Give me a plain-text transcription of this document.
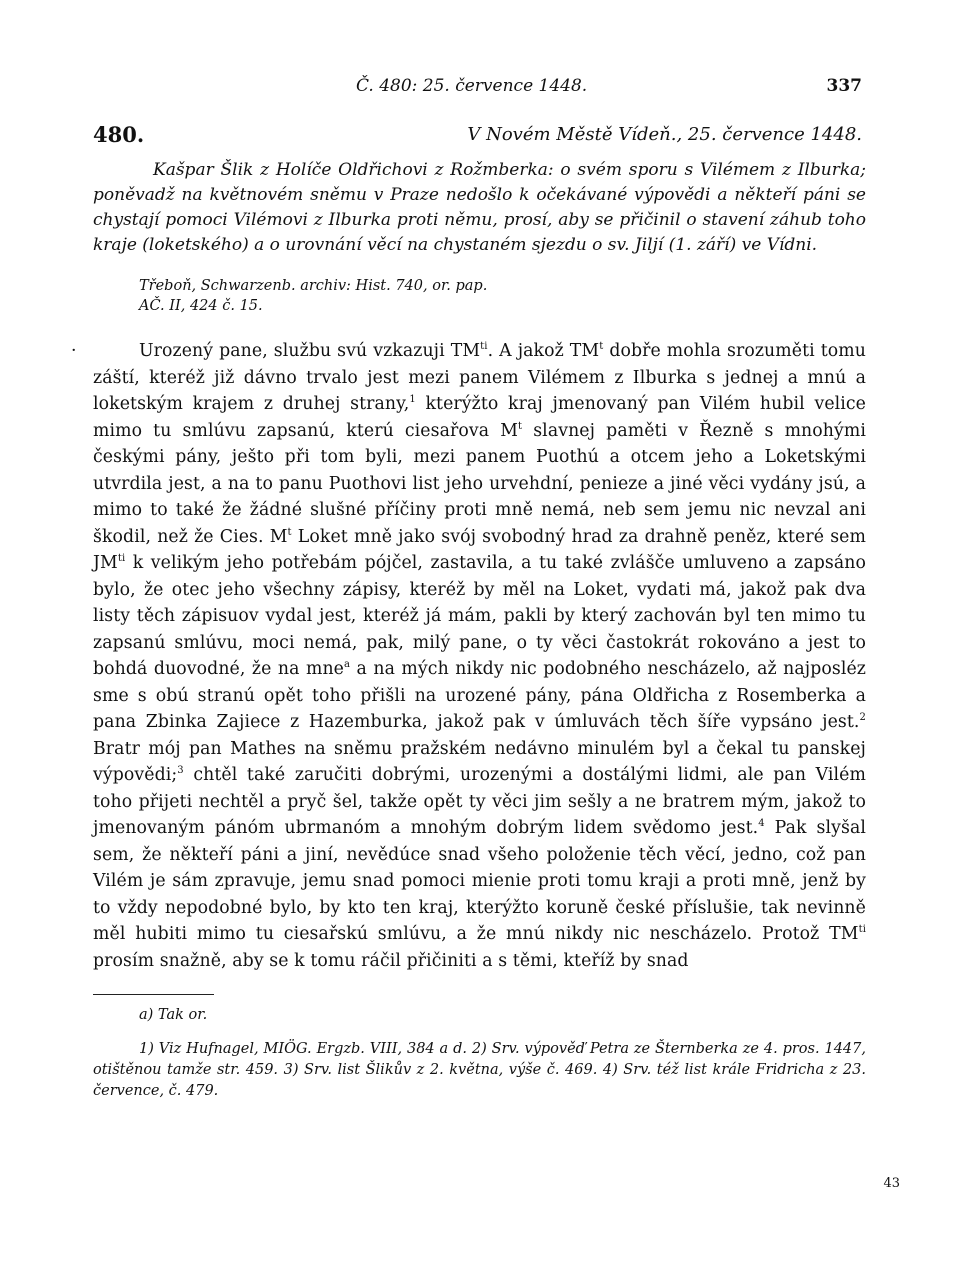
Č. 480: 25. července 1448.	337
480.	V Novém Městě Vídeň., 25. července 1448.

Kašpar Šlik z Holíče Oldřichovi z Rožmberka: o svém sporu s Vilémem z Ilburka; poněvadž na květnovém sněmu v Praze nedošlo k očekávané výpovědi a někteří páni se chystají pomoci Vilémovi z Ilburka proti němu, prosí, aby se přičinil o stavení záhub toho kraje (loketského) a o urovnání věcí na chystaném sjezdu o sv. Jiljí (1. září) ve Vídni.

Třeboň, Schwarzenb. archiv: Hist. 740, or. pap.
AČ. II, 424 č. 15.
·	Urozený pane, službu svú vzkazuji $TM^{ti}$. A jakož $TM^t$ dobře mohla srozuměti tomu záští, kteréž již dávno trvalo jest mezi panem Vilémem z Ilburka s jednej a mnú a loketským krajem z druhej strany,$^1$ kterýžto kraj jmenovaný pan Vilém hubil velice mimo tu smlúvu zapsanú, kterú ciesařova $M^t$ slavnej paměti v Řezně s mnohými českými pány, ješto při tom byli, mezi panem Puothú a otcem jeho a Loketskými utvrdila jest, a na to panu Puothovi list jeho urvehdní, penieze a jiné věci vydány jsú, a mimo to také že žádné slušné příčiny proti mně nemá, neb sem jemu nic nevzal ani škodil, než že Cies. $M^t$ Loket mně jako svój svobodný hrad za drahně peněz, které sem $JM^{ti}$ k velikým jeho potřebám pójčel, zastavila, a tu také zvlášče umluveno a zapsáno bylo, že otec jeho všechny zápisy, kteréž by měl na Loket, vydati má, jakož pak dva listy těch zápisuov vydal jest, kteréž já mám, pakli by který zachován byl ten mimo tu zapsanú smlúvu, moci nemá, pak, milý pane, o ty věci častokrát rokováno a jest to bohdá duovodné, že na mne$^a$ a na mých nikdy nic podobného nescházelo, až najposléz sme s obú stranú opět toho přišli na urozené pány, pána Oldřicha z Rosemberka a pana Zbinka Zajiece z Hazemburka, jakož pak v úmluvách těch šíře vypsáno jest.$^2$ Bratr mój pan Mathes na sněmu pražském nedávno minulém byl a čekal tu panskej výpovědi;$^3$ chtěl také zaručiti dobrými, urozenými a dostálými lidmi, ale pan Vilém toho přijeti nechtěl a pryč šel, takže opět ty věci jim sešly a ne bratrem mým, jakož to jmenovaným pánóm ubrmanóm a mnohým dobrým lidem svědomo jest.$^4$ Pak slyšal sem, že někteří páni a jiní, nevědúce snad všeho položenie těch věcí, jedno, což pan Vilém je sám zpravuje, jemu snad pomoci mienie proti tomu kraji a proti mně, jenž by to vždy nepodobné bylo, by kto ten kraj, kterýžto koruně české příslušie, tak nevinně měl hubiti mimo tu ciesařskú smlúvu, a že mnú nikdy nic nescházelo. Protož $TM^{ti}$ prosím snažně, aby se k tomu ráčil přičiniti a s těmi, kteříž by snad

a) Tak or.

1) Viz Hufnagel, MIÖG. Ergzb. VIII, 384 a d. 2) Srv. výpověď Petra ze Šternberka ze 4. pros. 1447, otištěnou tamže str. 459. 3) Srv. list Šlikův z 2. května, výše č. 469. 4) Srv. též list krále Fridricha z 23. července, č. 479.

43
